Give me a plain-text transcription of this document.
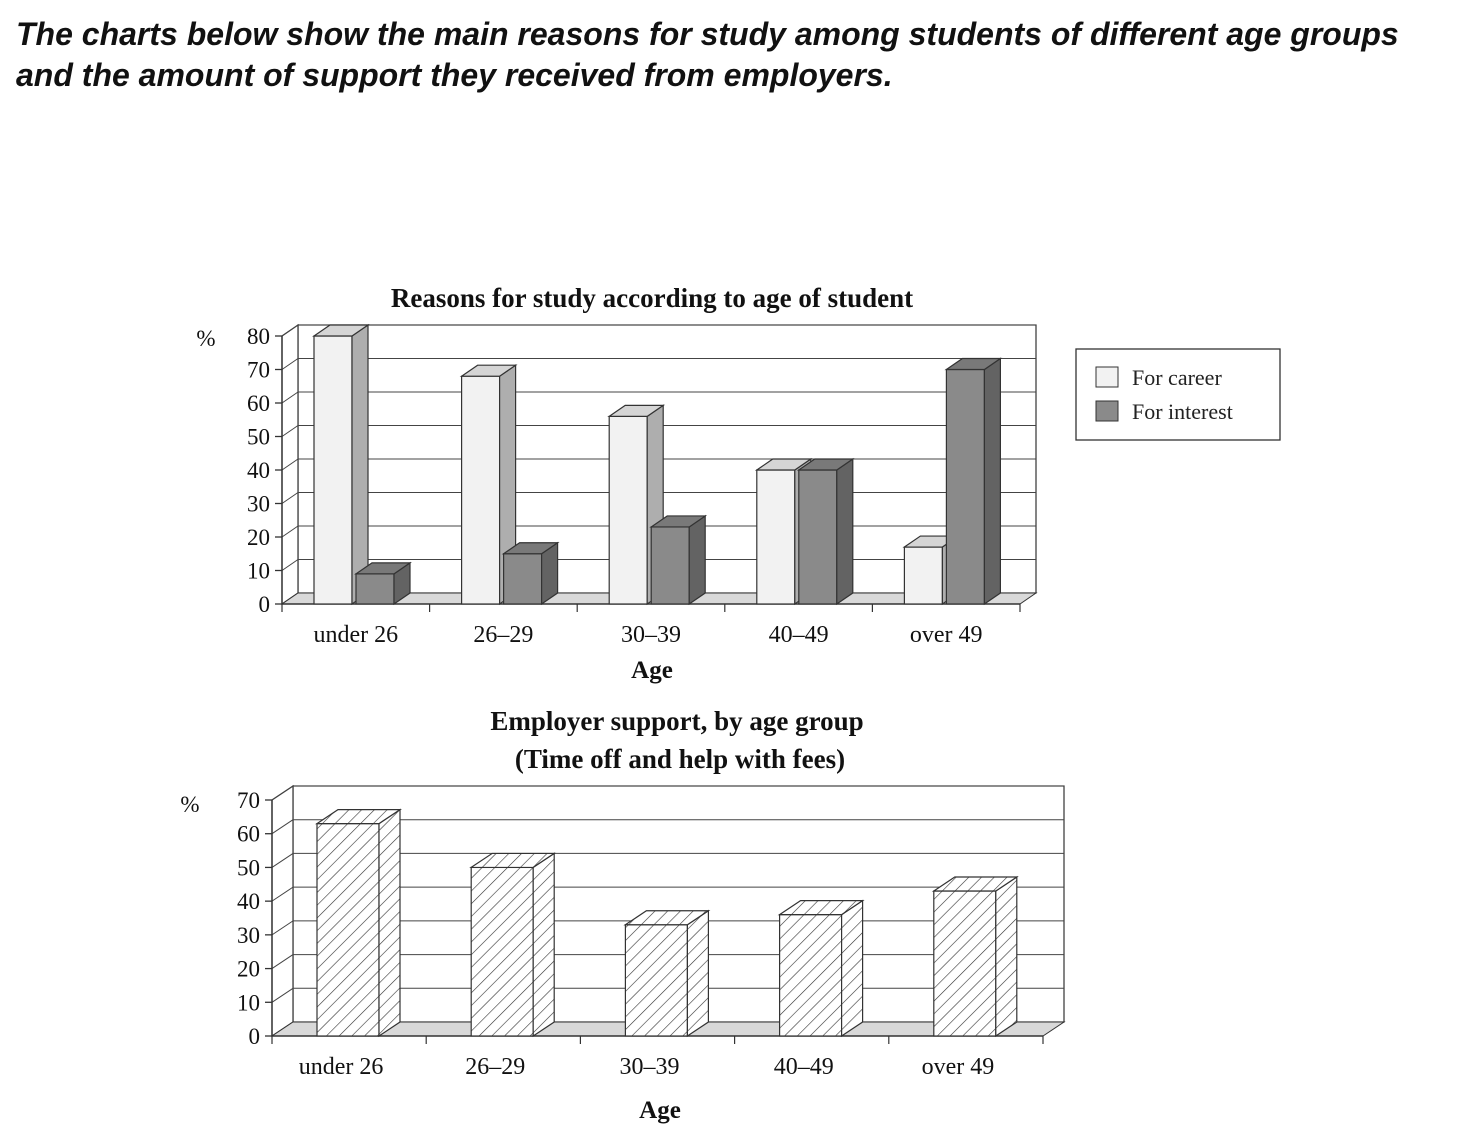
The charts below show the main reasons for study among students of different age groups and the amount of support they received from employers.
Reasons for study according to age of student
%
Age
0
10
20
30
40
50
60
70
80
under 26	26–29	30–39	40–49	over 49
For career
For interest
Employer support, by age group
(Time off and help with fees)
%
Age
0
10
20
30
40
50
60
70
under 26	26–29	30–39	40–49	over 49
